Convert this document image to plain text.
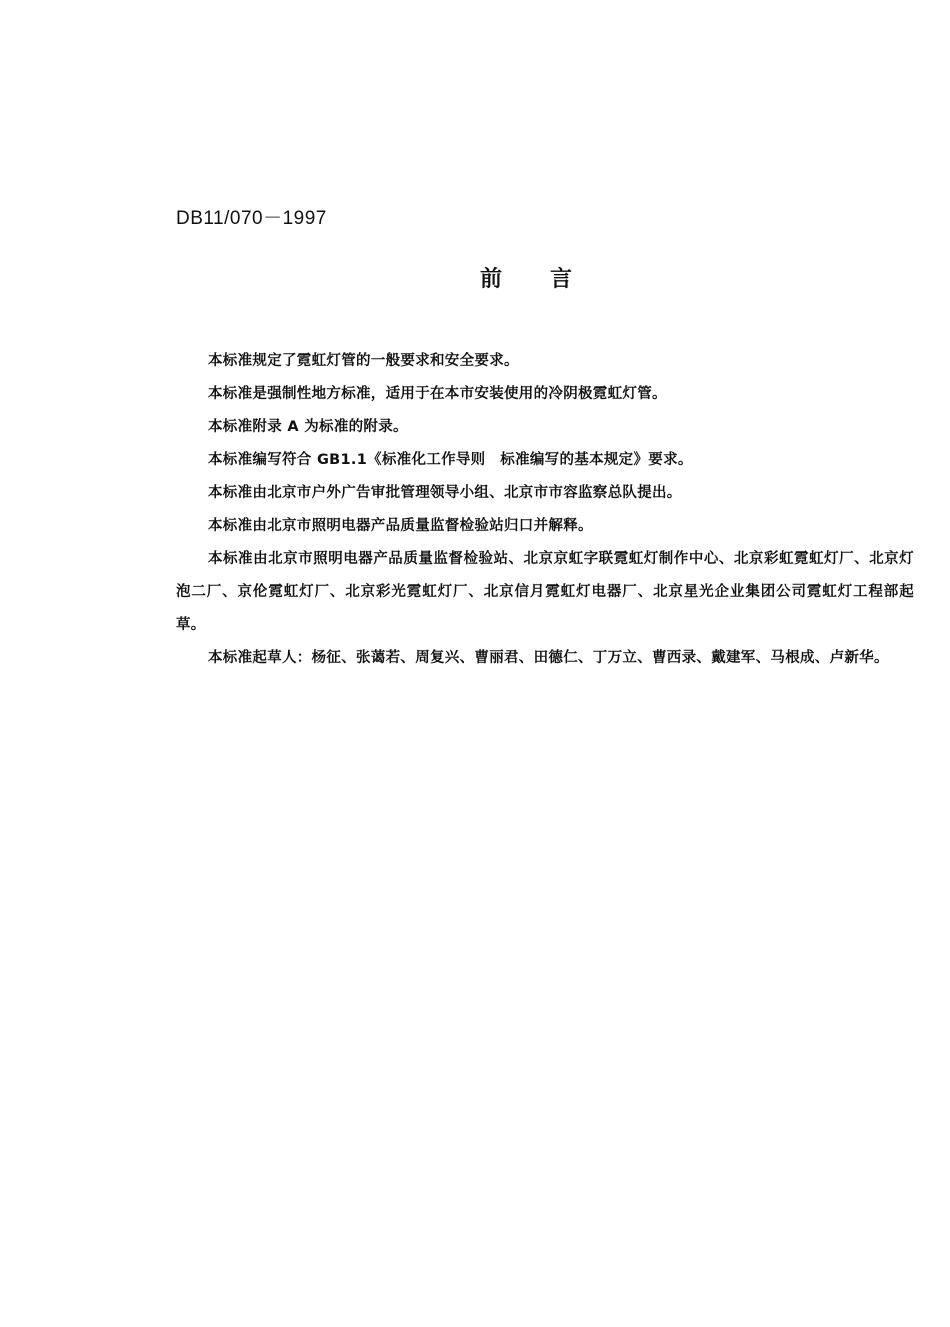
DB11/070－1997
前言

本标准规定了霓虹灯管的一般要求和安全要求。

本标准是强制性地方标准，适用于在本市安装使用的冷阴极霓虹灯管。

本标准附录 A 为标准的附录。

本标准编写符合 GB1.1《标准化工作导则　标准编写的基本规定》要求。

本标准由北京市户外广告审批管理领导小组、北京市市容监察总队提出。

本标准由北京市照明电器产品质量监督检验站归口并解释。

本标准由北京市照明电器产品质量监督检验站、北京京虹字联霓虹灯制作中心、北京彩虹霓虹灯厂、北京灯泡二厂、京伦霓虹灯厂、北京彩光霓虹灯厂、北京信月霓虹灯电器厂、北京星光企业集团公司霓虹灯工程部起草。

本标准起草人：杨征、张蔼若、周复兴、曹丽君、田德仁、丁万立、曹西录、戴建军、马根成、卢新华。
